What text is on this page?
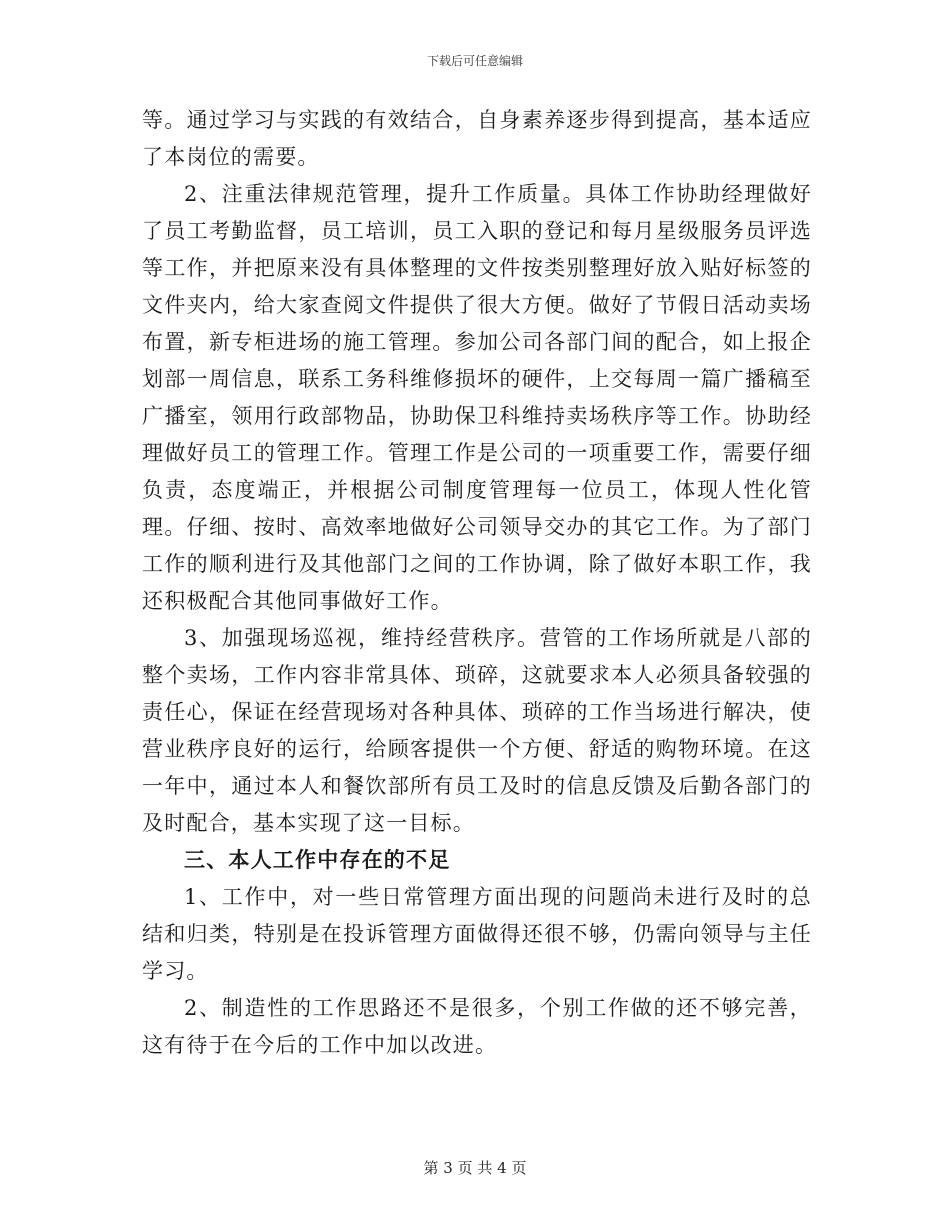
下载后可任意编辑

等。通过学习与实践的有效结合，自身素养逐步得到提高，基本适应了本岗位的需要。

2、注重法律规范管理，提升工作质量。具体工作协助经理做好了员工考勤监督，员工培训，员工入职的登记和每月星级服务员评选等工作，并把原来没有具体整理的文件按类别整理好放入贴好标签的文件夹内，给大家查阅文件提供了很大方便。做好了节假日活动卖场布置，新专柜进场的施工管理。参加公司各部门间的配合，如上报企划部一周信息，联系工务科维修损坏的硬件，上交每周一篇广播稿至广播室，领用行政部物品，协助保卫科维持卖场秩序等工作。协助经理做好员工的管理工作。管理工作是公司的一项重要工作，需要仔细负责，态度端正，并根据公司制度管理每一位员工，体现人性化管理。仔细、按时、高效率地做好公司领导交办的其它工作。为了部门工作的顺利进行及其他部门之间的工作协调，除了做好本职工作，我还积极配合其他同事做好工作。

3、加强现场巡视，维持经营秩序。营管的工作场所就是八部的整个卖场，工作内容非常具体、琐碎，这就要求本人必须具备较强的责任心，保证在经营现场对各种具体、琐碎的工作当场进行解决，使营业秩序良好的运行，给顾客提供一个方便、舒适的购物环境。在这一年中，通过本人和餐饮部所有员工及时的信息反馈及后勤各部门的及时配合，基本实现了这一目标。

三、本人工作中存在的不足

1、工作中，对一些日常管理方面出现的问题尚未进行及时的总结和归类，特别是在投诉管理方面做得还很不够，仍需向领导与主任学习。

2、制造性的工作思路还不是很多，个别工作做的还不够完善，这有待于在今后的工作中加以改进。

第 3 页 共 4 页
